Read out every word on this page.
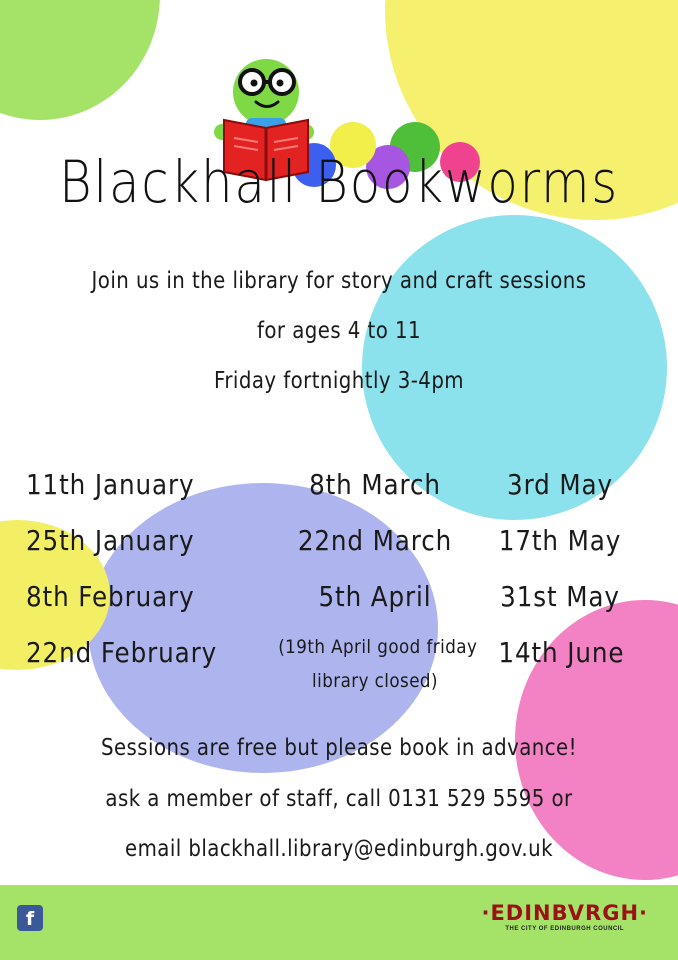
Blackhall Bookworms
Join us in the library for story and craft sessions
for ages 4 to 11
Friday fortnightly 3-4pm
11th January
25th January
8th February
22nd February
8th March
22nd March
5th April
(19th April good friday
library closed)
3rd May
17th May
31st May
14th June
Sessions are free but please book in advance!
ask a member of staff, call 0131 529 5595 or
email blackhall.library@edinburgh.gov.uk
f	·EDINBVRGH·
THE CITY OF EDINBURGH COUNCIL
